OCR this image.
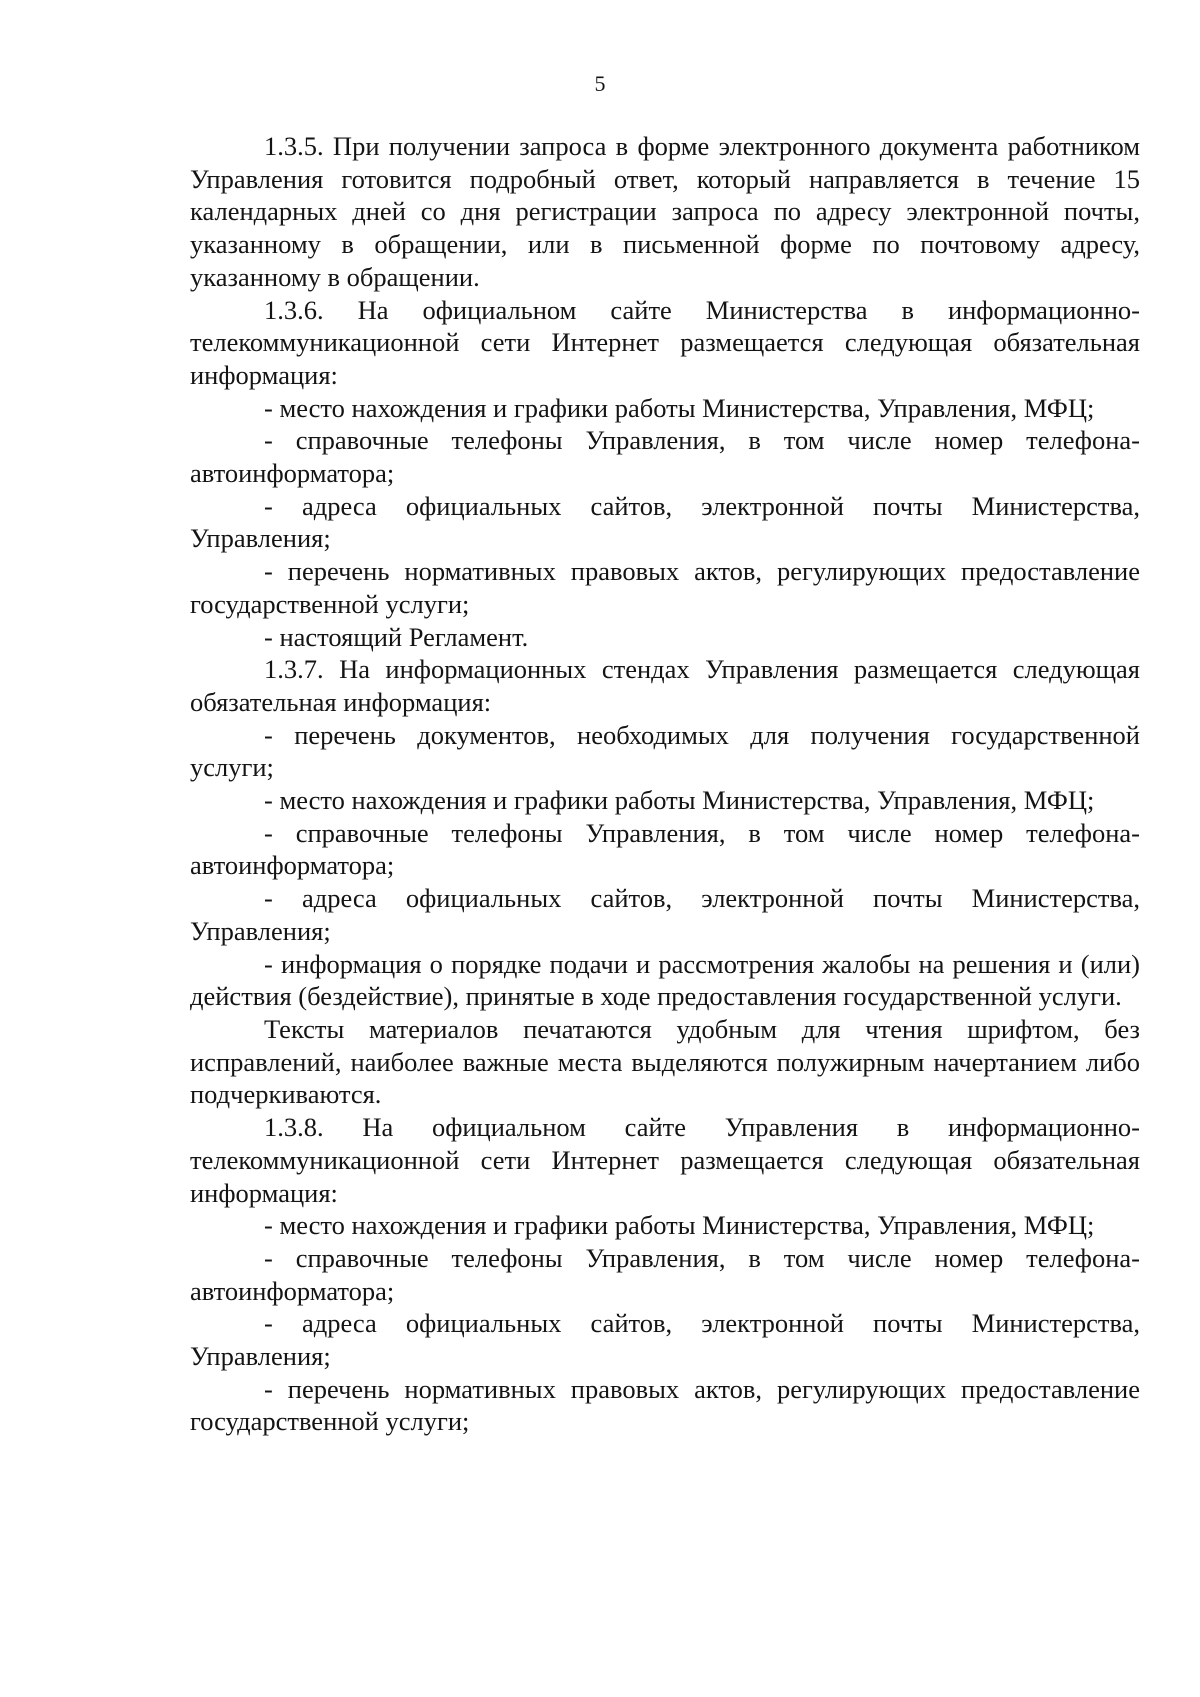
5

1.3.5. При получении запроса в форме электронного документа работником Управления готовится подробный ответ, который направляется в течение 15 календарных дней со дня регистрации запроса по адресу электронной почты, указанному в обращении, или в письменной форме по почтовому адресу, указанному в обращении.

1.3.6. На официальном сайте Министерства в информационно-телекоммуникационной сети Интернет размещается следующая обязательная информация:

- место нахождения и графики работы Министерства, Управления, МФЦ;

- справочные телефоны Управления, в том числе номер телефона-автоинформатора;

- адреса официальных сайтов, электронной почты Министерства, Управления;

- перечень нормативных правовых актов, регулирующих предоставление государственной услуги;

- настоящий Регламент.

1.3.7. На информационных стендах Управления размещается следующая обязательная информация:

- перечень документов, необходимых для получения государственной услуги;

- место нахождения и графики работы Министерства, Управления, МФЦ;

- справочные телефоны Управления, в том числе номер телефона-автоинформатора;

- адреса официальных сайтов, электронной почты Министерства, Управления;

- информация о порядке подачи и рассмотрения жалобы на решения и (или) действия (бездействие), принятые в ходе предоставления государственной услуги.

Тексты материалов печатаются удобным для чтения шрифтом, без исправлений, наиболее важные места выделяются полужирным начертанием либо подчеркиваются.

1.3.8. На официальном сайте Управления в информационно-телекоммуникационной сети Интернет размещается следующая обязательная информация:

- место нахождения и графики работы Министерства, Управления, МФЦ;

- справочные телефоны Управления, в том числе номер телефона-автоинформатора;

- адреса официальных сайтов, электронной почты Министерства, Управления;

- перечень нормативных правовых актов, регулирующих предоставление государственной услуги;
